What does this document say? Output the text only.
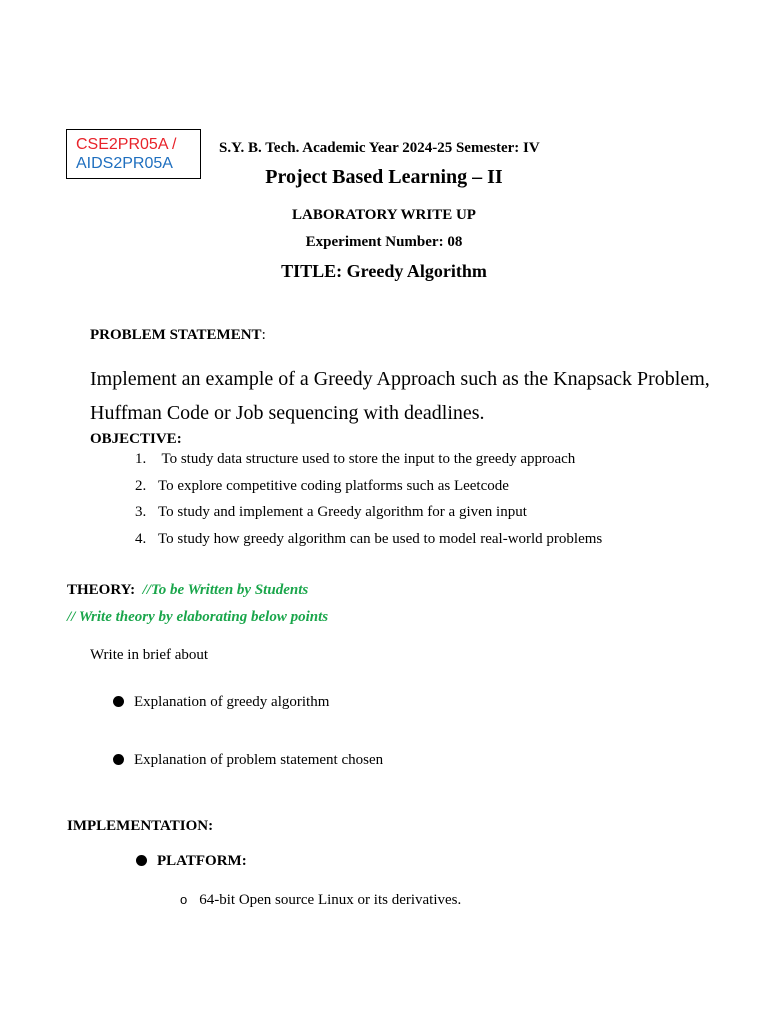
CSE2PR05A /
AIDS2PR05A
S.Y. B. Tech. Academic Year 2024-25 Semester: IV
Project Based Learning – II
LABORATORY WRITE UP
Experiment Number: 08
TITLE: Greedy Algorithm
PROBLEM STATEMENT:
Implement an example of a Greedy Approach such as the Knapsack Problem, Huffman Code or Job sequencing with deadlines.
OBJECTIVE:
1. To study data structure used to store the input to the greedy approach
2. To explore competitive coding platforms such as Leetcode
3. To study and implement a Greedy algorithm for a given input
4. To study how greedy algorithm can be used to model real-world problems
THEORY: //To be Written by Students
// Write theory by elaborating below points
Write in brief about
Explanation of greedy algorithm
Explanation of problem statement chosen
IMPLEMENTATION:
PLATFORM:
o 64-bit Open source Linux or its derivatives.
